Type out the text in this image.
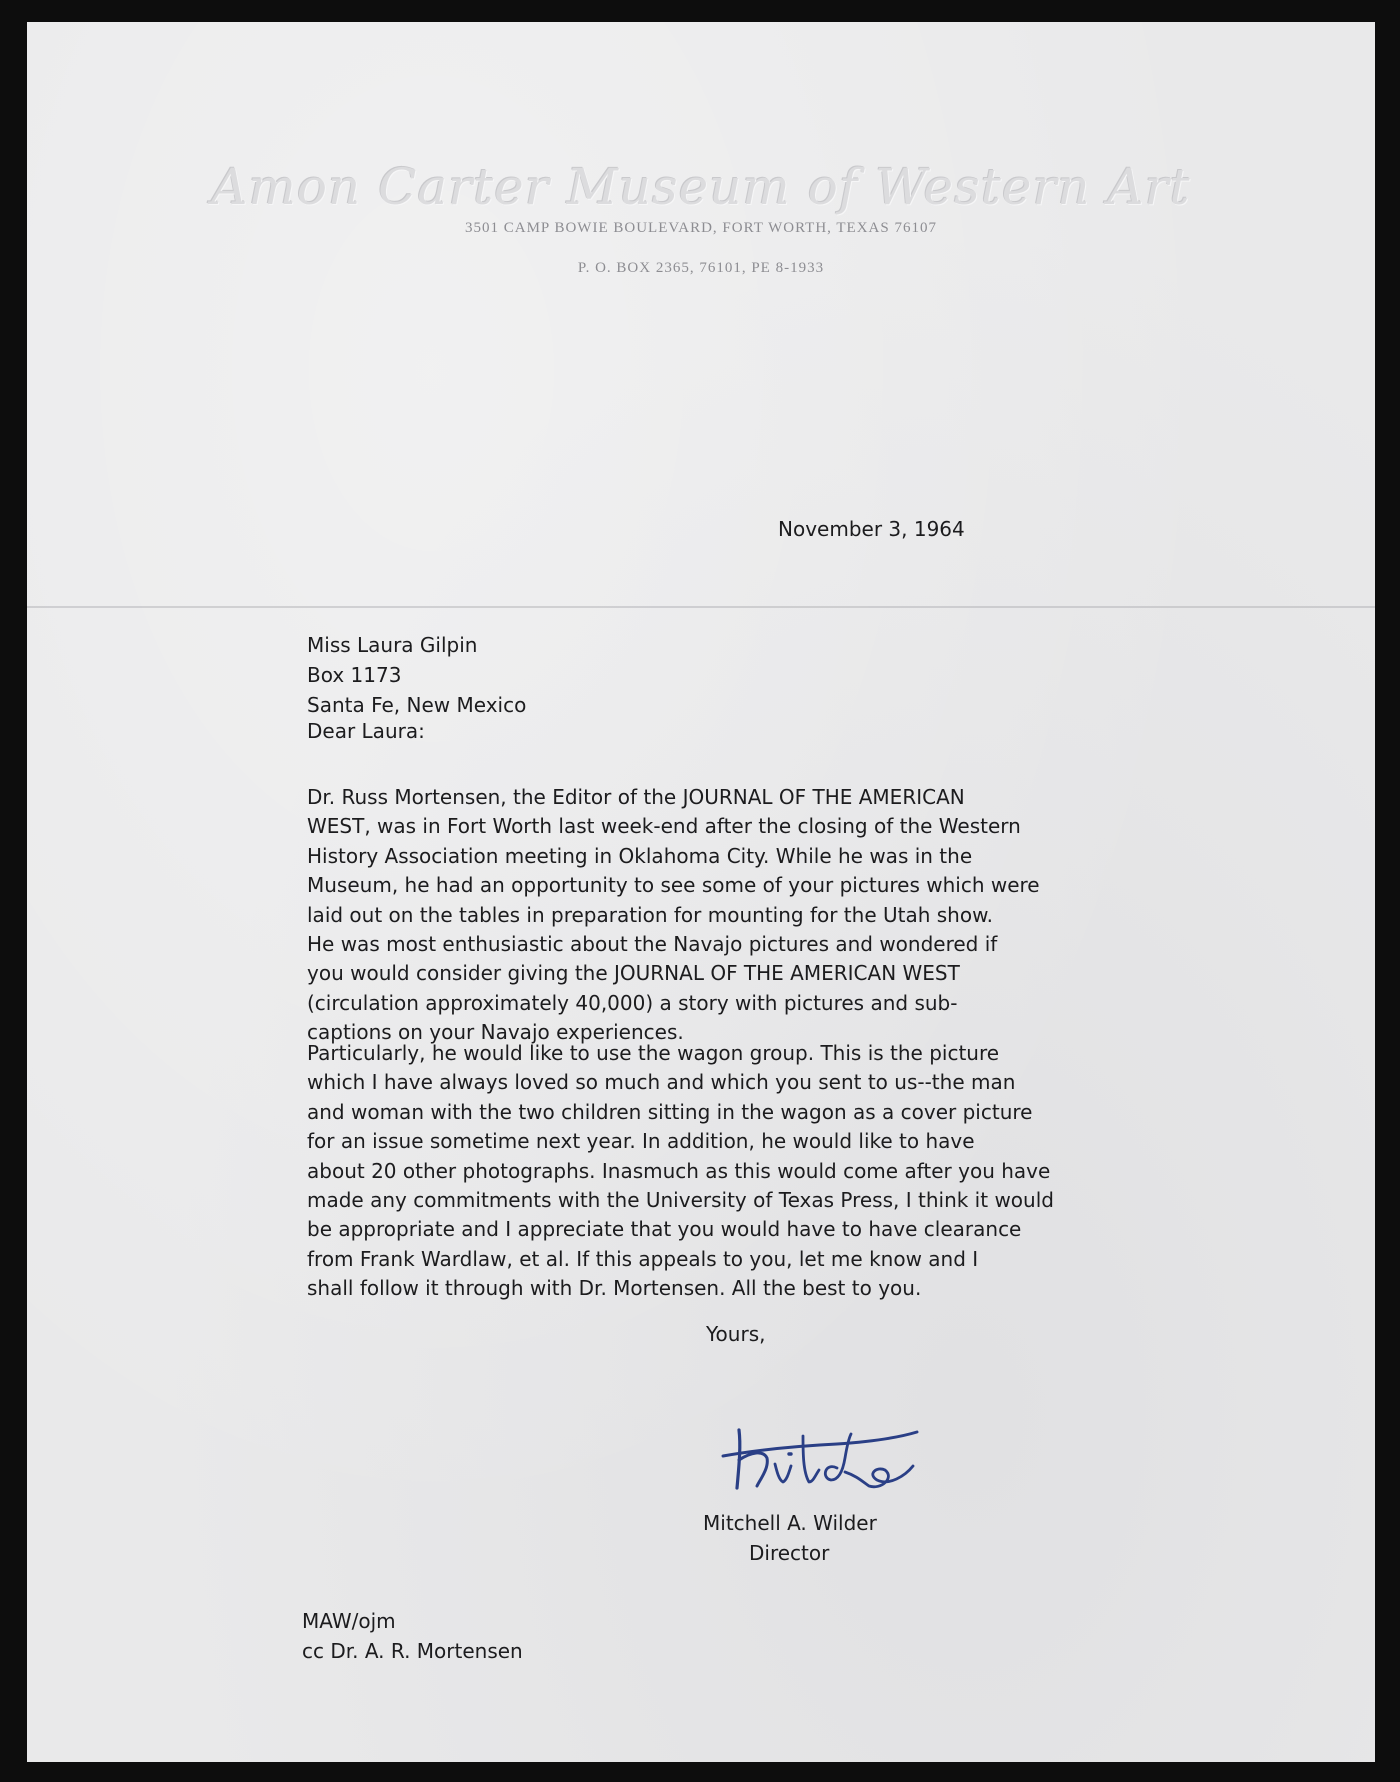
Amon Carter Museum of Western Art
3501 CAMP BOWIE BOULEVARD, FORT WORTH, TEXAS 76107
P. O. BOX 2365, 76101, PE 8-1933
November 3, 1964
Miss Laura Gilpin
Box 1173
Santa Fe, New Mexico
Dear Laura:
Dr. Russ Mortensen, the Editor of the JOURNAL OF THE AMERICAN
WEST, was in Fort Worth last week-end after the closing of the Western
History Association meeting in Oklahoma City. While he was in the
Museum, he had an opportunity to see some of your pictures which were
laid out on the tables in preparation for mounting for the Utah show.
He was most enthusiastic about the Navajo pictures and wondered if
you would consider giving the JOURNAL OF THE AMERICAN WEST
(circulation approximately 40,000) a story with pictures and sub-
captions on your Navajo experiences.
Particularly, he would like to use the wagon group. This is the picture
which I have always loved so much and which you sent to us--the man
and woman with the two children sitting in the wagon as a cover picture
for an issue sometime next year. In addition, he would like to have
about 20 other photographs. Inasmuch as this would come after you have
made any commitments with the University of Texas Press, I think it would
be appropriate and I appreciate that you would have to have clearance
from Frank Wardlaw, et al. If this appeals to you, let me know and I
shall follow it through with Dr. Mortensen. All the best to you.
Yours,
Mitchell A. Wilder
Director
MAW/ojm
cc Dr. A. R. Mortensen
